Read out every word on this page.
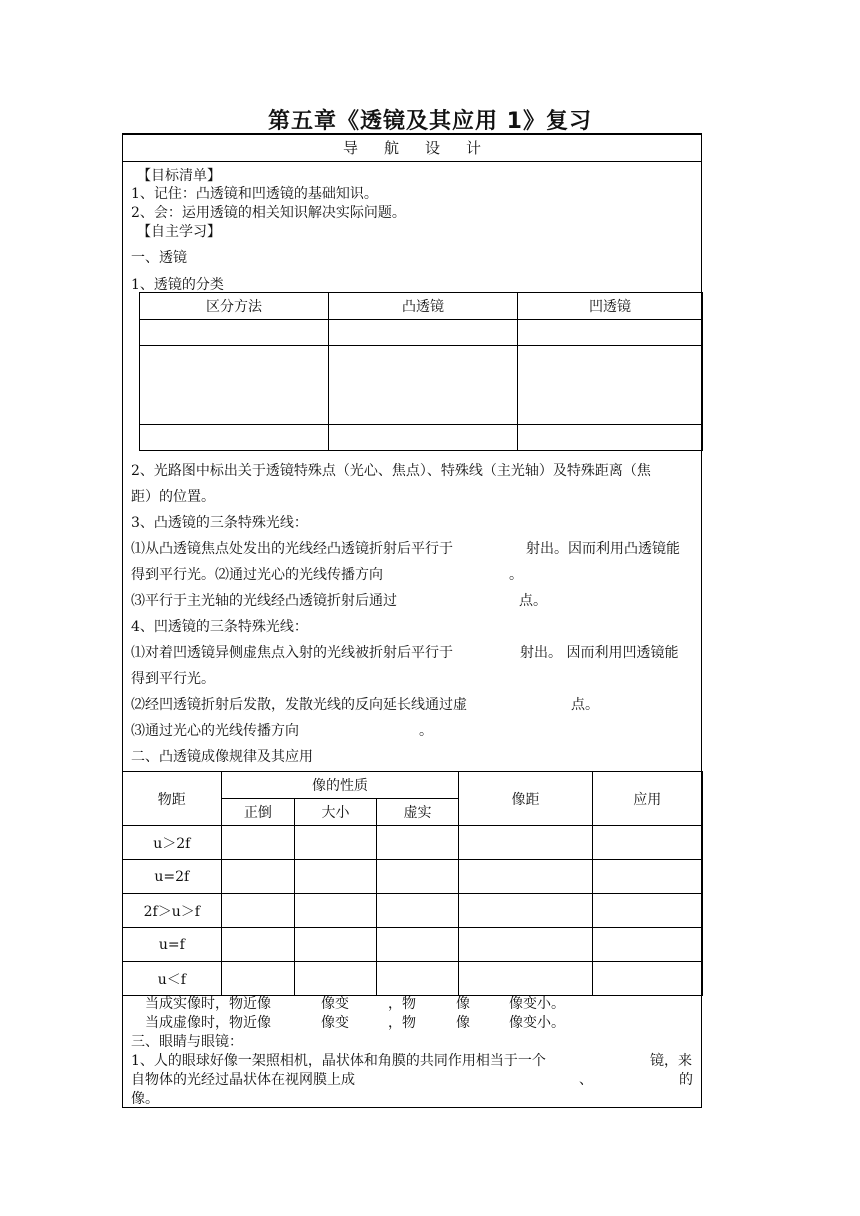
第五章《透镜及其应用 1》复习
导航设计
【目标清单】
1、记住：凸透镜和凹透镜的基础知识。
2、会：运用透镜的相关知识解决实际问题。
【自主学习】
一、透镜
1、透镜的分类
区分方法	凸透镜	凹透镜

2、光路图中标出关于透镜特殊点（光心、焦点）、特殊线（主光轴）及特殊距离（焦
距）的位置。
3、凸透镜的三条特殊光线：
⑴从凸透镜焦点处发出的光线经凸透镜折射后平行于	射出。因而利用凸透镜能
得到平行光。⑵通过光心的光线传播方向	。
⑶平行于主光轴的光线经凸透镜折射后通过	点。
4、凹透镜的三条特殊光线：
⑴对着凹透镜异侧虚焦点入射的光线被折射后平行于	射出。 因而利用凹透镜能
得到平行光。
⑵经凹透镜折射后发散，发散光线的反向延长线通过虚	点。
⑶通过光心的光线传播方向	。
二、凸透镜成像规律及其应用
物距	像的性质			像距	应用
	正倒	大小	虚实		
u＞2f					
u=2f					
2f＞u＞f					
u=f					
u＜f					
当成实像时，物近像	像变	，物	像	像变小。
当成虚像时，物近像	像变	，物	像	像变小。
三、眼睛与眼镜：
1、人的眼球好像一架照相机，晶状体和角膜的共同作用相当于一个	镜，来
自物体的光经过晶状体在视网膜上成	、	的
像。
